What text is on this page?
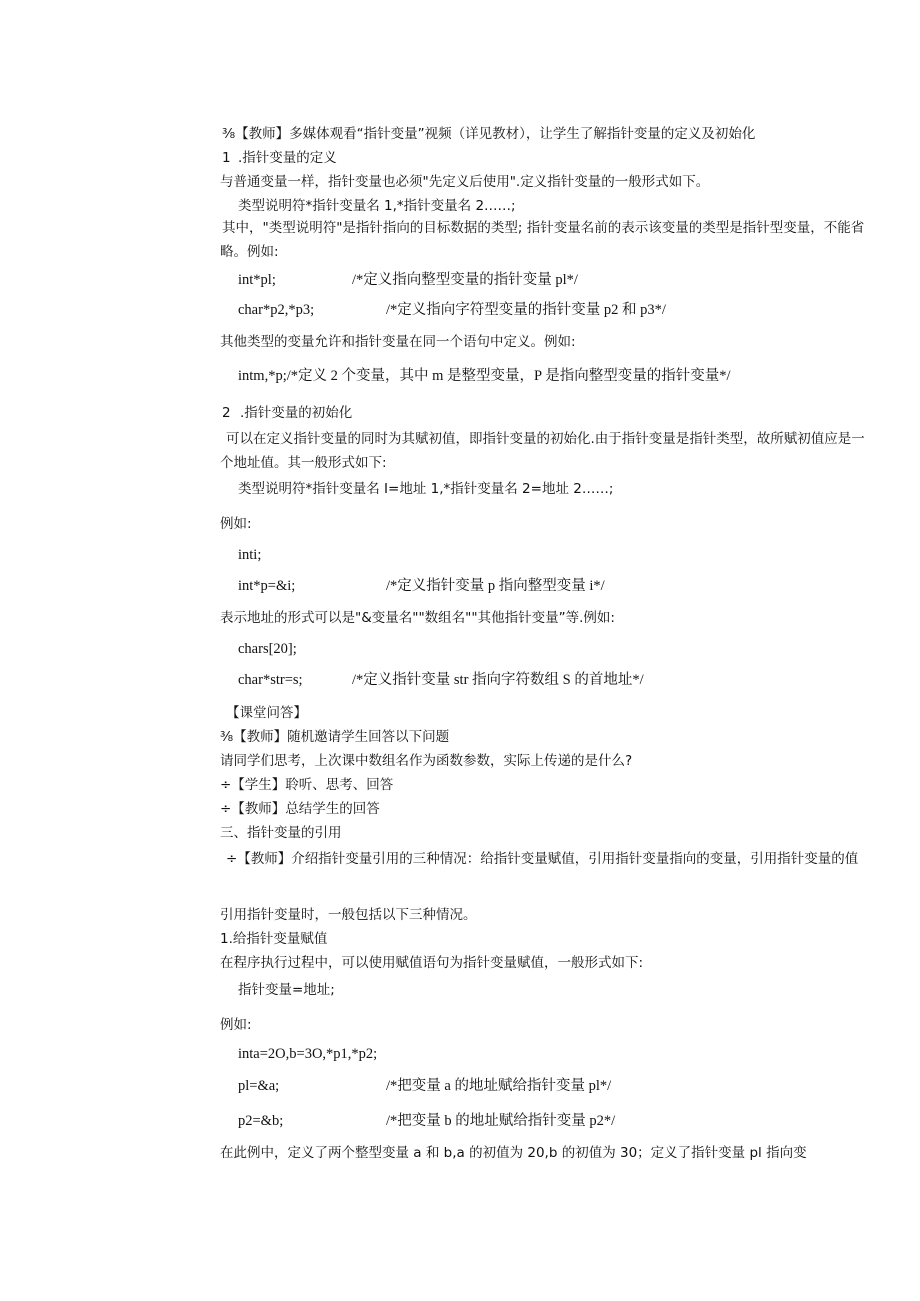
⅜【教师】多媒体观看“指针变量”视频（详见教材），让学生了解指针变量的定义及初始化
1 .指针变量的定义
与普通变量一样，指针变量也必须"先定义后使用".定义指针变量的一般形式如下。
类型说明符*指针变量名 1,*指针变量名 2……;
其中，"类型说明符"是指针指向的目标数据的类型; 指针变量名前的表示该变量的类型是指针型变量，不能省略。例如:
int*pl;	/*定义指向整型变量的指针变量 pl*/
char*p2,*p3;	/*定义指向字符型变量的指针变量 p2 和 p3*/
其他类型的变量允许和指针变量在同一个语句中定义。例如:
intm,*p;/*定义 2 个变量，其中 m 是整型变量，P 是指向整型变量的指针变量*/
2 .指针变量的初始化
可以在定义指针变量的同时为其赋初值，即指针变量的初始化.由于指针变量是指针类型，故所赋初值应是一个地址值。其一般形式如下:
类型说明符*指针变量名 I=地址 1,*指针变量名 2=地址 2……;
例如:
inti;
int*p=&i;	/*定义指针变量 p 指向整型变量 i*/
表示地址的形式可以是"&变量名""数组名""其他指针变量”等.例如:
chars[20];
char*str=s;	/*定义指针变量 str 指向字符数组 S 的首地址*/
【课堂问答】
⅜【教师】随机邀请学生回答以下问题
请同学们思考，上次课中数组名作为函数参数，实际上传递的是什么?
÷【学生】聆听、思考、回答
÷【教师】总结学生的回答
三、指针变量的引用
÷【教师】介绍指针变量引用的三种情况：给指针变量赋值，引用指针变量指向的变量，引用指针变量的值
引用指针变量时，一般包括以下三种情况。
1.给指针变量赋值
在程序执行过程中，可以使用赋值语句为指针变量赋值，一般形式如下:
指针变量=地址;
例如:
inta=2O,b=3O,*p1,*p2;
pl=&a;	/*把变量 a 的地址赋给指针变量 pl*/
p2=&b;	/*把变量 b 的地址赋给指针变量 p2*/
在此例中，定义了两个整型变量 a 和 b,a 的初值为 20,b 的初值为 30；定义了指针变量 pl 指向变
